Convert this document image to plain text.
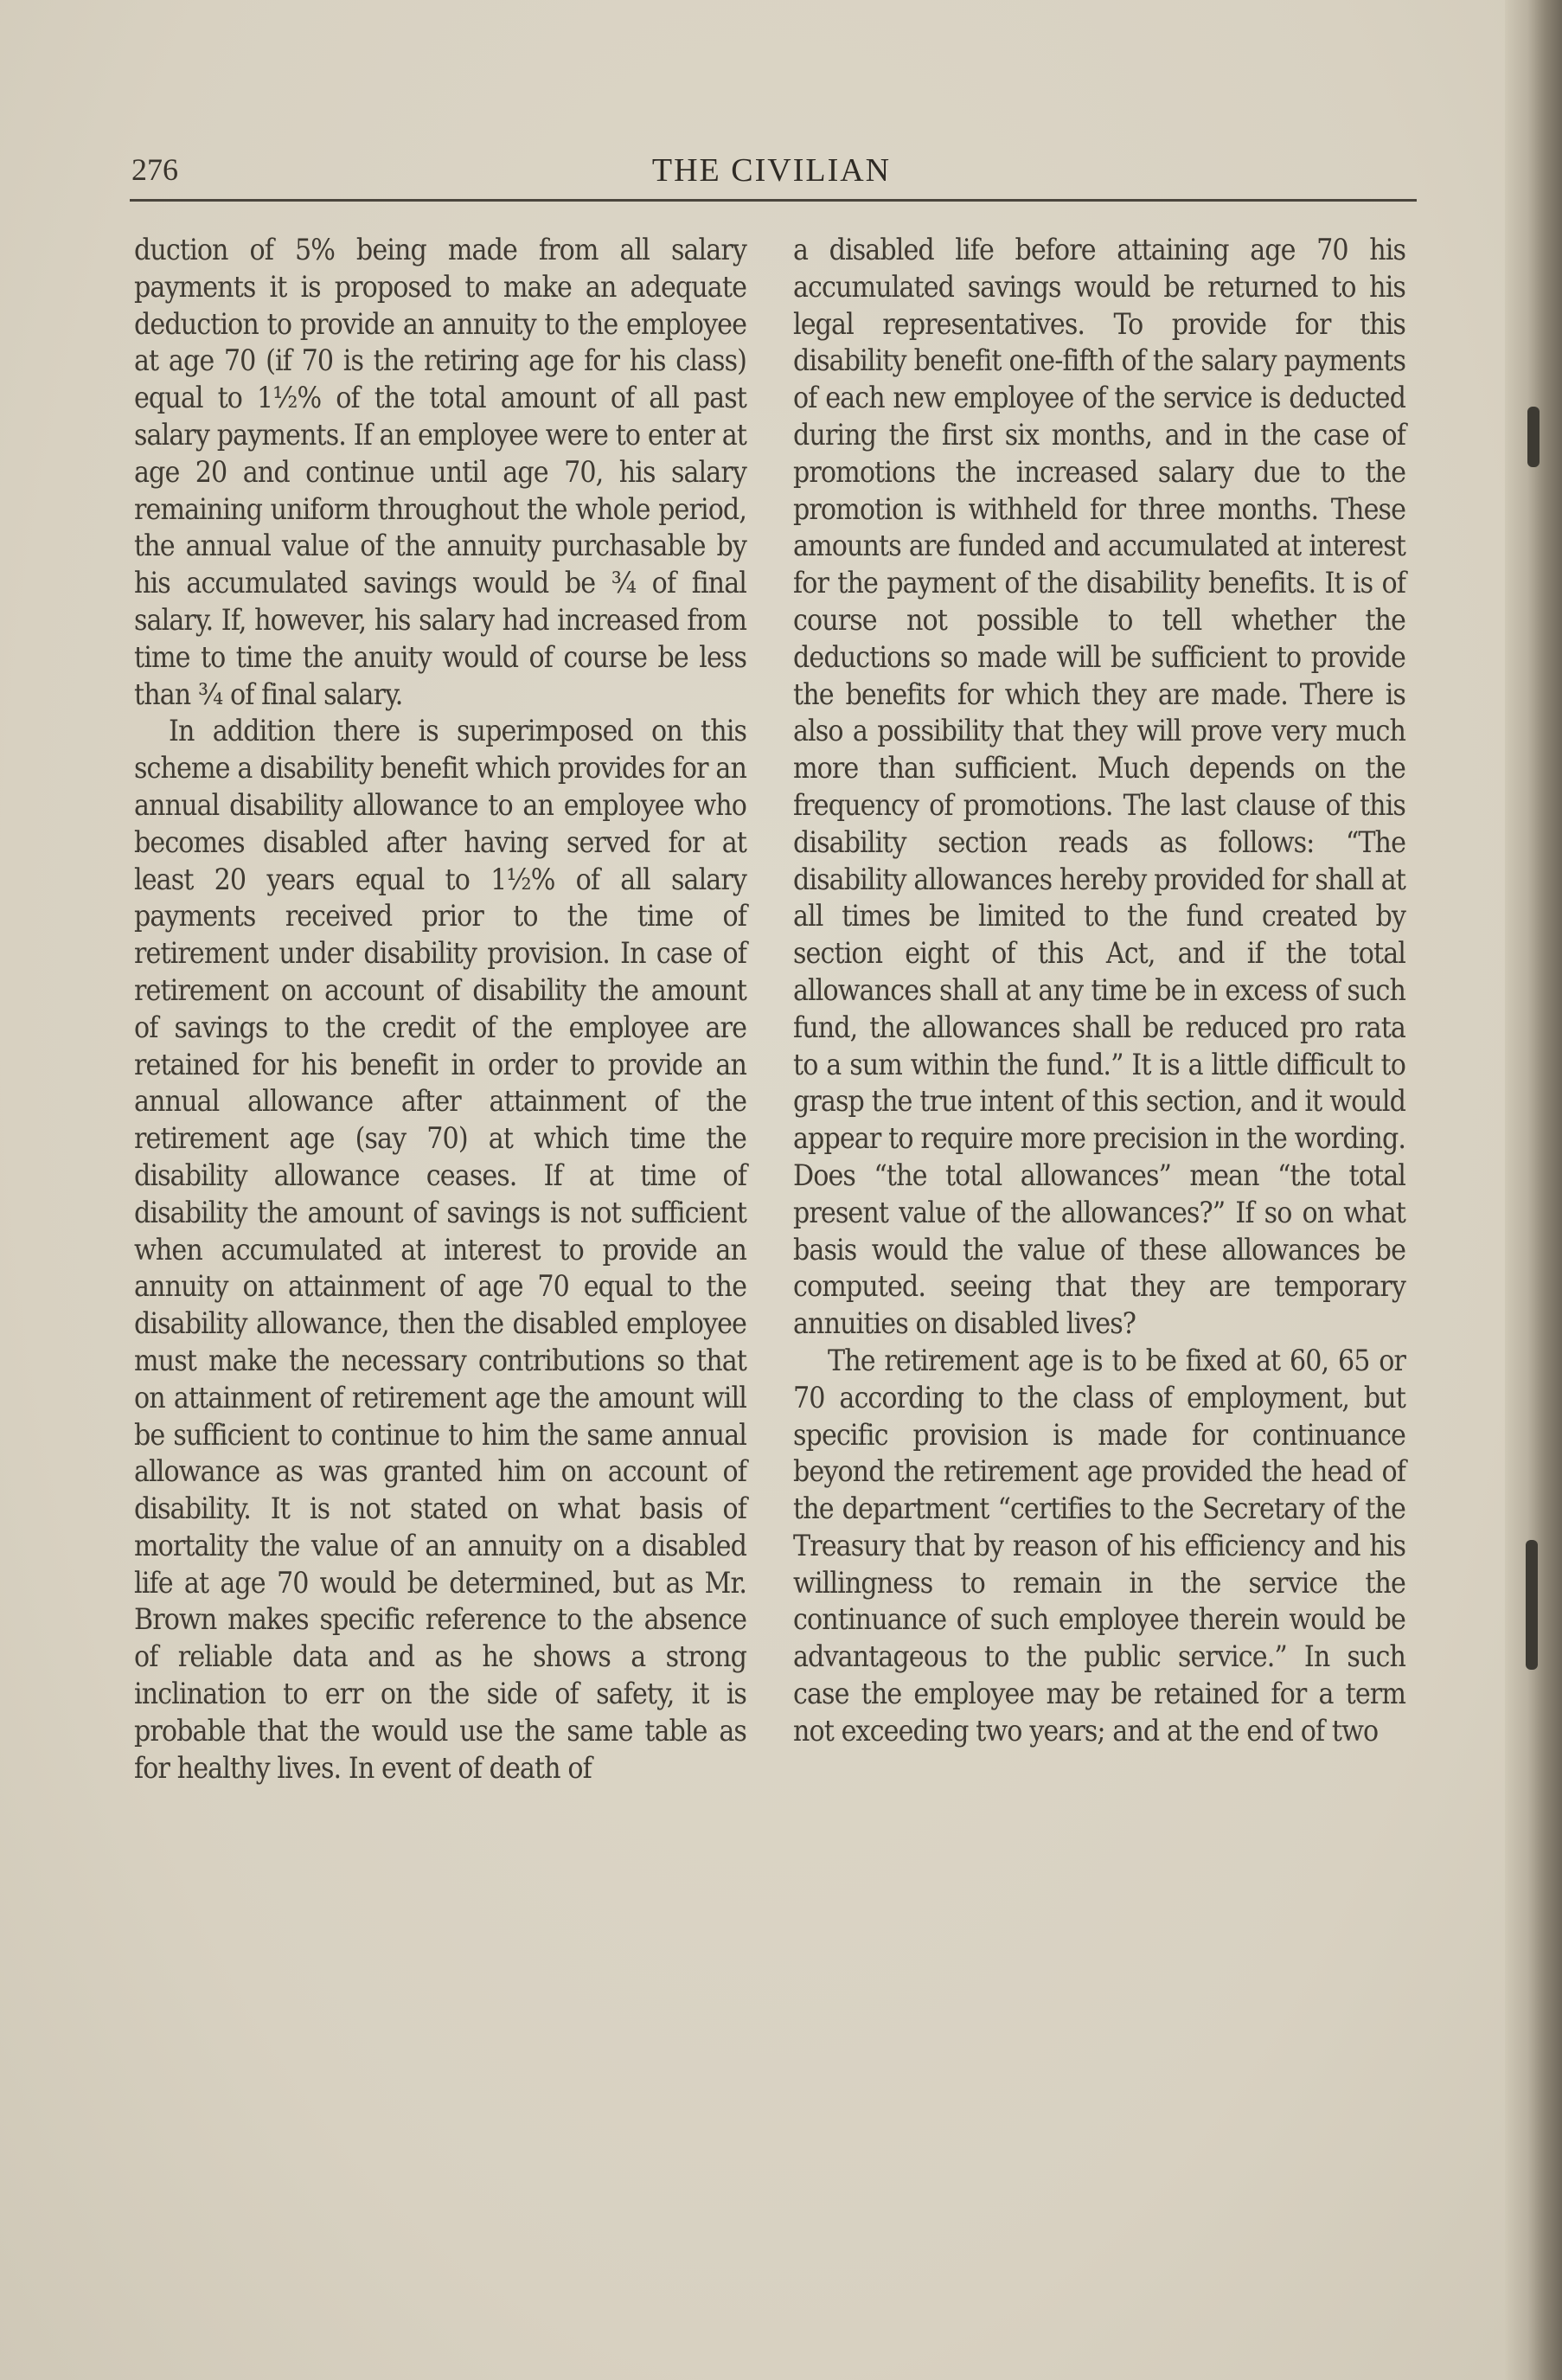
276	THE CIVILIAN

duction of 5% being made from all salary payments it is proposed to make an adequate deduction to provide an annuity to the employee at age 70 (if 70 is the retiring age for his class) equal to 1½% of the total amount of all past salary payments. If an employee were to enter at age 20 and continue until age 70, his salary remaining uniform throughout the whole period, the annual value of the annuity purchasable by his accumulated savings would be ¾ of final salary. If, however, his salary had increased from time to time the anuity would of course be less than ¾ of final salary.

In addition there is superimposed on this scheme a disability benefit which provides for an annual disability allowance to an employee who becomes disabled after having served for at least 20 years equal to 1½% of all salary payments received prior to the time of retirement under disability provision. In case of retirement on account of disability the amount of savings to the credit of the employee are retained for his benefit in order to provide an annual allowance after attainment of the retirement age (say 70) at which time the disability allowance ceases. If at time of disability the amount of savings is not sufficient when accumulated at interest to provide an annuity on attainment of age 70 equal to the disability allowance, then the disabled employee must make the necessary contributions so that on attainment of retirement age the amount will be sufficient to continue to him the same annual allowance as was granted him on account of disability. It is not stated on what basis of mortality the value of an annuity on a disabled life at age 70 would be determined, but as Mr. Brown makes specific reference to the absence of reliable data and as he shows a strong inclination to err on the side of safety, it is probable that the would use the same table as for healthy lives. In event of death of

a disabled life before attaining age 70 his accumulated savings would be returned to his legal representatives. To provide for this disability benefit one-fifth of the salary payments of each new employee of the service is deducted during the first six months, and in the case of promotions the increased salary due to the promotion is withheld for three months. These amounts are funded and accumulated at interest for the payment of the disability benefits. It is of course not possible to tell whether the deductions so made will be sufficient to provide the benefits for which they are made. There is also a possibility that they will prove very much more than sufficient. Much depends on the frequency of promotions. The last clause of this disability section reads as follows: “The disability allowances hereby provided for shall at all times be limited to the fund created by section eight of this Act, and if the total allowances shall at any time be in excess of such fund, the allowances shall be reduced pro rata to a sum within the fund.” It is a little difficult to grasp the true intent of this section, and it would appear to require more precision in the wording. Does “the total allowances” mean “the total present value of the allowances?” If so on what basis would the value of these allowances be computed. seeing that they are temporary annuities on disabled lives?

The retirement age is to be fixed at 60, 65 or 70 according to the class of employment, but specific provision is made for continuance beyond the retirement age provided the head of the department “certifies to the Secretary of the Treasury that by reason of his efficiency and his willingness to remain in the service the continuance of such employee therein would be advantageous to the public service.” In such case the employee may be retained for a term not exceeding two years; and at the end of two
